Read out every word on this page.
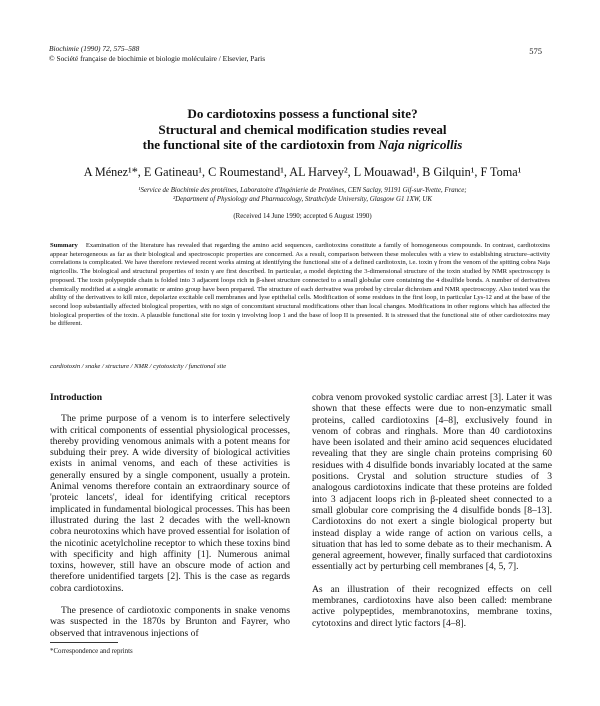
Biochimie (1990) 72, 575–588
© Société française de biochimie et biologie moléculaire / Elsevier, Paris
575
Do cardiotoxins possess a functional site?
Structural and chemical modification studies reveal
the functional site of the cardiotoxin from Naja nigricollis
A Ménez¹*, E Gatineau¹, C Roumestand¹, AL Harvey², L Mouawad¹, B Gilquin¹, F Toma¹
¹Service de Biochimie des protéines, Laboratoire d'Ingénierie de Protéines, CEN Saclay, 91191 Gif-sur-Yvette, France;
²Department of Physiology and Pharmacology, Strathclyde University, Glasgow G1 1XW, UK
(Received 14 June 1990; accepted 6 August 1990)
Summary Examination of the literature has revealed that regarding the amino acid sequences, cardiotoxins constitute a family of homogeneous compounds. In contrast, cardiotoxins appear heterogeneous as far as their biological and spectroscopic properties are concerned. As a result, comparison between these molecules with a view to establishing structure–activity correlations is complicated. We have therefore reviewed recent works aiming at identifying the functional site of a defined cardiotoxin, i.e. toxin γ from the venom of the spitting cobra Naja nigricollis. The biological and structural properties of toxin γ are first described. In particular, a model depicting the 3-dimensional structure of the toxin studied by NMR spectroscopy is proposed. The toxin polypeptide chain is folded into 3 adjacent loops rich in β-sheet structure connected to a small globular core containing the 4 disulfide bonds. A number of derivatives chemically modified at a single aromatic or amino group have been prepared. The structure of each derivative was probed by circular dichroism and NMR spectroscopy. Also tested was the ability of the derivatives to kill mice, depolarize excitable cell membranes and lyse epithelial cells. Modification of some residues in the first loop, in particular Lys-12 and at the base of the second loop substantially affected biological properties, with no sign of concomitant structural modifications other than local changes. Modifications in other regions which has affected the biological properties of the toxin. A plausible functional site for toxin γ involving loop 1 and the base of loop II is presented. It is stressed that the functional site of other cardiotoxins may be different.
cardiotoxin / snake / structure / NMR / cytotoxicity / functional site
Introduction

The prime purpose of a venom is to interfere selectively with critical components of essential physiological processes, thereby providing venomous animals with a potent means for subduing their prey. A wide diversity of biological activities exists in animal venoms, and each of these activities is generally ensured by a single component, usually a protein. Animal venoms therefore contain an extraordinary source of 'proteic lancets', ideal for identifying critical receptors implicated in fundamental biological processes. This has been illustrated during the last 2 decades with the well-known cobra neurotoxins which have proved essential for isolation of the nicotinic acetylcholine receptor to which these toxins bind with specificity and high affinity [1]. Numerous animal toxins, however, still have an obscure mode of action and therefore unidentified targets [2]. This is the case as regards cobra cardiotoxins.

The presence of cardiotoxic components in snake venoms was suspected in the 1870s by Brunton and Fayrer, who observed that intravenous injections of

cobra venom provoked systolic cardiac arrest [3]. Later it was shown that these effects were due to non-enzymatic small proteins, called cardiotoxins [4–8], exclusively found in venom of cobras and ringhals. More than 40 cardiotoxins have been isolated and their amino acid sequences elucidated revealing that they are single chain proteins comprising 60 residues with 4 disulfide bonds invariably located at the same positions. Crystal and solution structure studies of 3 analogous cardiotoxins indicate that these proteins are folded into 3 adjacent loops rich in β-pleated sheet connected to a small globular core comprising the 4 disulfide bonds [8–13]. Cardiotoxins do not exert a single biological property but instead display a wide range of action on various cells, a situation that has led to some debate as to their mechanism. A general agreement, however, finally surfaced that cardiotoxins essentially act by perturbing cell membranes [4, 5, 7].

As an illustration of their recognized effects on cell membranes, cardiotoxins have also been called: membrane active polypeptides, membranotoxins, membrane toxins, cytotoxins and direct lytic factors [4–8].

*Correspondence and reprints
